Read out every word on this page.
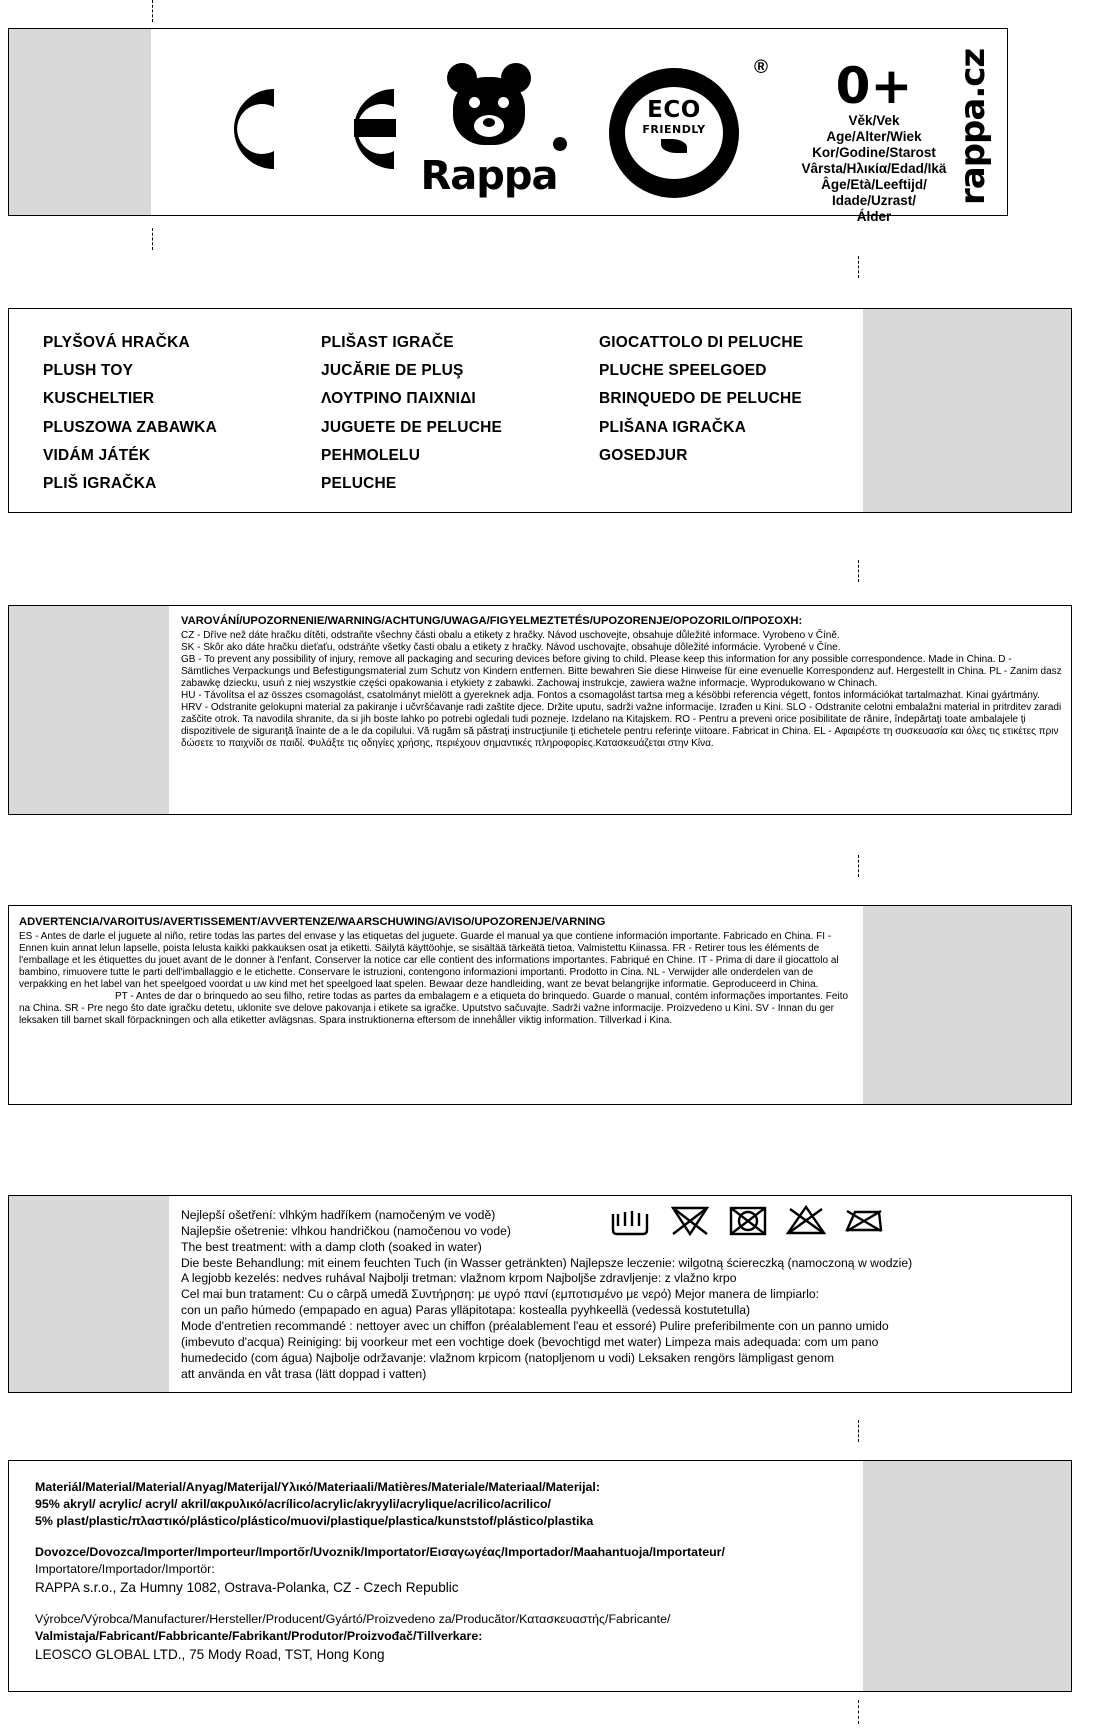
Rappa
ECO
FRIENDLY
RAPPA ORIGINAL
®	0+
Věk/Vek
Age/Alter/Wiek
Kor/Godine/Starost
Vârsta/Ηλικία/Edad/Ikä
Âge/Età/Leeftijd/
Idade/Uzrast/
Álder
rappa.cz
PLYŠOVÁ HRAČKA
PLUSH TOY
KUSCHELTIER
PLUSZOWA ZABAWKA
VIDÁM JÁTÉK
PLIŠ IGRAČKA
PLIŠAST IGRAČE
JUCĂRIE DE PLUŞ
ΛΟΥΤΡΙΝΟ ΠΑΙΧΝΙΔΙ
JUGUETE DE PELUCHE
PEHMOLELU
PELUCHE
GIOCATTOLO DI PELUCHE
PLUCHE SPEELGOED
BRINQUEDO DE PELUCHE
PLIŠANA IGRAČKA
GOSEDJUR
VAROVÁNÍ/UPOZORNENIE/WARNING/ACHTUNG/UWAGA/FIGYELMEZTETÉS/UPOZORENJE/OPOZORILO/ΠΡΟΣΟΧΗ:
CZ - Dříve než dáte hračku dítěti, odstraňte všechny části obalu a etikety z hračky. Návod uschovejte, obsahuje důležité informace. Vyrobeno v Číně.
SK - Skôr ako dáte hračku dieťaťu, odstráňte všetky časti obalu a etikety z hračky. Návod uschovajte, obsahuje dôležité informácie. Vyrobené v Číne.
GB - To prevent any possibility of injury, remove all packaging and securing devices before giving to child. Please keep this information for any possible correspondence. Made in China. D - Sämtliches Verpackungs und Befestigungsmaterial zum Schutz von Kindern entfernen. Bitte bewahren Sie diese Hinweise für eine evenuelle Korrespondenz auf. Hergestellt in China. PL - Zanim dasz zabawkę dziecku, usuń z niej wszystkie części opakowania i etykiety z zabawki. Zachowaj instrukcje, zawiera wažne informacje. Wyprodukowano w Chinach.
HU - Távolítsa el az összes csomagolást, csatolmányt mielött a gyereknek adja. Fontos a csomagolást tartsa meg a késöbbi referencia végett, fontos információkat tartalmazhat. Kinai gyártmány. HRV - Odstranite gelokupni material za pakiranje i učvršćavanje radi zaštite djece. Držite uputu, sadrži važne informacije. Izrađen u Kini. SLO - Odstranite celotni embalažni material in pritrditev zaradi zaščite otrok. Ta navodila shranite, da si jih boste lahko po potrebi ogledali tudi pozneje. Izdelano na Kitajskem. RO - Pentru a preveni orice posibilitate de rănire, îndepărtaţi toate ambalajele ţi dispozitivele de siguranţă înainte de a le da copilului. Vă rugăm să păstraţi instrucţiunile ţi etichetele pentru referinţe viitoare. Fabricat in China. EL - Αφαιρέστε τη συσκευασία και όλες τις ετικέτες πριν δώσετε το παιχνίδι σε παιδί. Φυλάξτε τις οδηγίες χρήσης, περιέχουν σημαντικές πληροφορίες.Κατασκευάζεται στην Κίνα.
ADVERTENCIA/VAROITUS/AVERTISSEMENT/AVVERTENZE/WAARSCHUWING/AVISO/UPOZORENJE/VARNING
ES - Antes de darle el juguete al niño, retire todas las partes del envase y las etiquetas del juguete. Guarde el manual ya que contiene información importante. Fabricado en China. FI - Ennen kuin annat lelun lapselle, poista lelusta kaikki pakkauksen osat ja etiketti. Säilytä käyttöohje, se sisältää tärkeätä tietoa. Valmistettu Kiinassa. FR - Retirer tous les éléments de l'emballage et les étiquettes du jouet avant de le donner à l'enfant. Conserver la notice car elle contient des informations importantes. Fabriqué en Chine. IT - Prima di dare il giocattolo al bambino, rimuovere tutte le parti dell'imballaggio e le etichette. Conservare le istruzioni, contengono informazioni importanti. Prodotto in Cina. NL - Verwijder alle onderdelen van de verpakking en het label van het speelgoed voordat u uw kind met het speelgoed laat spelen. Bewaar deze handleiding, want ze bevat belangrijke informatie. Geproduceerd in China.
PT - Antes de dar o brinquedo ao seu filho, retire todas as partes da embalagem e a etiqueta do brinquedo. Guarde o manual, contém informações importantes. Feito na China. SR - Pre nego što date igračku detetu, uklonite sve delove pakovanja i etikete sa igračke. Uputstvo sačuvajte. Sadrži važne informacije. Proizvedeno u Kini. SV - Innan du ger leksaken till barnet skall förpackningen och alla etiketter avlägsnas. Spara instruktionerna eftersom de innehåller viktig information. Tillverkad i Kina.
Nejlepší ošetření: vlhkým hadříkem (namočeným ve vodě)
Najlepšie ošetrenie: vlhkou handričkou (namočenou vo vode)
The best treatment: with a damp cloth (soaked in water)
Die beste Behandlung: mit einem feuchten Tuch (in Wasser getränkten) Najlepsze leczenie: wilgotną ściereczką (namoczoną w wodzie)
A legjobb kezelés: nedves ruhával Najbolji tretman: vlažnom krpom Najboljše zdravljenje: z vlažno krpo
Cel mai bun tratament: Cu o cârpă umedă Συντήρηση: με υγρό πανί (εμποτισμένο με νερό) Mejor manera de limpiarlo:
con un paño húmedo (empapado en agua) Paras ylläpitotapa: kostealla pyyhkeellä (vedessä kostutetulla)
Mode d'entretien recommandé : nettoyer avec un chiffon (préalablement l'eau et essoré) Pulire preferibilmente con un panno umido
(imbevuto d'acqua) Reiniging: bij voorkeur met een vochtige doek (bevochtigd met water) Limpeza mais adequada: com um pano
humedecido (com água) Najbolje održavanje: vlažnom krpicom (natopljenom u vodi) Leksaken rengörs lämpligast genom
att använda en våt trasa (lätt doppad i vatten)
Materiál/Material/Material/Anyag/Materijal/Υλικό/Materiaali/Matières/Materiale/Materiaal/Materijal:
95% akryl/ acrylic/ acryl/ akril/ακρυλικό/acrílico/acrylic/akryyli/acrylique/acrilico/acrilico/
5% plast/plastic/πλαστικό/plástico/plástico/muovi/plastique/plastica/kunststof/plástico/plastika
Dovozce/Dovozca/Importer/Importeur/Importőr/Uvoznik/Importator/Εισαγωγέας/Importador/Maahantuoja/Importateur/
Importatore/Importador/Importör:
RAPPA s.r.o., Za Humny 1082, Ostrava-Polanka, CZ - Czech Republic
Výrobce/Výrobca/Manufacturer/Hersteller/Producent/Gyártó/Proizvedeno za/Producător/Κατασκευαστής/Fabricante/
Valmistaja/Fabricant/Fabbricante/Fabrikant/Produtor/Proizvođač/Tillverkare:
LEOSCO GLOBAL LTD., 75 Mody Road, TST, Hong Kong
